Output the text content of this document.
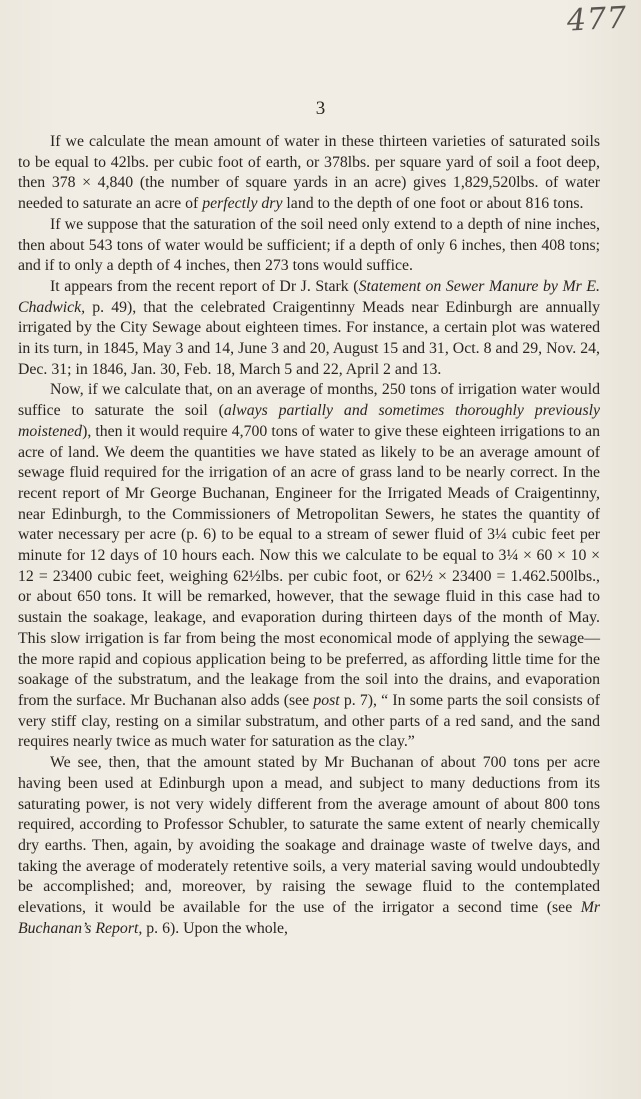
477
3

If we calculate the mean amount of water in these thirteen varieties of saturated soils to be equal to 42lbs. per cubic foot of earth, or 378lbs. per square yard of soil a foot deep, then 378 × 4,840 (the number of square yards in an acre) gives 1,829,520lbs. of water needed to saturate an acre of perfectly dry land to the depth of one foot or about 816 tons.

If we suppose that the saturation of the soil need only extend to a depth of nine inches, then about 543 tons of water would be sufficient; if a depth of only 6 inches, then 408 tons; and if to only a depth of 4 inches, then 273 tons would suffice.

It appears from the recent report of Dr J. Stark (Statement on Sewer Manure by Mr E. Chadwick, p. 49), that the celebrated Craigentinny Meads near Edinburgh are annually irrigated by the City Sewage about eighteen times. For instance, a certain plot was watered in its turn, in 1845, May 3 and 14, June 3 and 20, August 15 and 31, Oct. 8 and 29, Nov. 24, Dec. 31; in 1846, Jan. 30, Feb. 18, March 5 and 22, April 2 and 13.

Now, if we calculate that, on an average of months, 250 tons of irrigation water would suffice to saturate the soil (always partially and sometimes thoroughly previously moistened), then it would require 4,700 tons of water to give these eighteen irrigations to an acre of land. We deem the quantities we have stated as likely to be an average amount of sewage fluid required for the irrigation of an acre of grass land to be nearly correct. In the recent report of Mr George Buchanan, Engineer for the Irrigated Meads of Craigentinny, near Edinburgh, to the Commissioners of Metropolitan Sewers, he states the quantity of water necessary per acre (p. 6) to be equal to a stream of sewer fluid of 3¼ cubic feet per minute for 12 days of 10 hours each. Now this we calculate to be equal to 3¼ × 60 × 10 × 12 = 23400 cubic feet, weighing 62½lbs. per cubic foot, or 62½ × 23400 = 1.462.500lbs., or about 650 tons. It will be remarked, however, that the sewage fluid in this case had to sustain the soakage, leakage, and evaporation during thirteen days of the month of May. This slow irrigation is far from being the most economical mode of applying the sewage—the more rapid and copious application being to be preferred, as affording little time for the soakage of the substratum, and the leakage from the soil into the drains, and evaporation from the surface. Mr Buchanan also adds (see post p. 7), “ In some parts the soil consists of very stiff clay, resting on a similar substratum, and other parts of a red sand, and the sand requires nearly twice as much water for saturation as the clay.”

We see, then, that the amount stated by Mr Buchanan of about 700 tons per acre having been used at Edinburgh upon a mead, and subject to many deductions from its saturating power, is not very widely different from the average amount of about 800 tons required, according to Professor Schubler, to saturate the same extent of nearly chemically dry earths. Then, again, by avoiding the soakage and drainage waste of twelve days, and taking the average of moderately retentive soils, a very material saving would undoubtedly be accomplished; and, moreover, by raising the sewage fluid to the contemplated elevations, it would be available for the use of the irrigator a second time (see Mr Buchanan’s Report, p. 6). Upon the whole,
